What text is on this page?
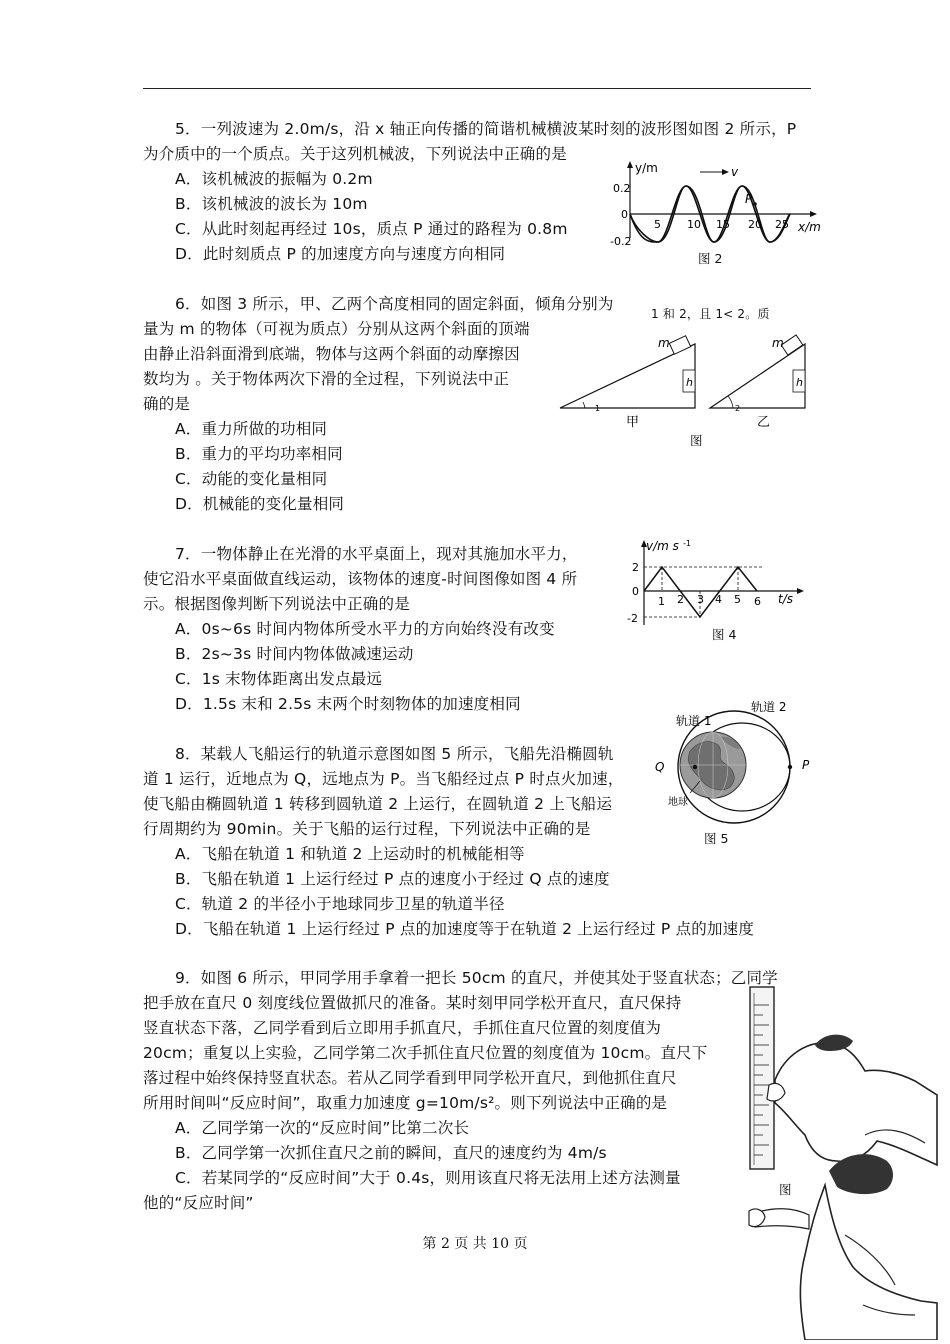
5．一列波速为 2.0m/s，沿 x 轴正向传播的简谐机械横波某时刻的波形图如图 2 所示，P
为介质中的一个质点。关于这列机械波，下列说法中正确的是
A．该机械波的振幅为 0.2m
B．该机械波的波长为 10m
C．从此时刻起再经过 10s，质点 P 通过的路程为 0.8m
D．此时刻质点 P 的加速度方向与速度方向相同
y/m
x/m
v
0.2
0
-0.2
5 10 15 20 25
P
图 2
6．如图 3 所示，甲、乙两个高度相同的固定斜面，倾角分别为
1 和 2，且 1< 2。质
量为 m 的物体（可视为质点）分别从这两个斜面的顶端
由静止沿斜面滑到底端，物体与这两个斜面的动摩擦因
数均为 。关于物体两次下滑的全过程，下列说法中正
确的是
A．重力所做的功相同
B．重力的平均功率相同
C．动能的变化量相同
D．机械能的变化量相同
m
h
1
甲
m
h
2
乙
图
7．一物体静止在光滑的水平桌面上，现对其施加水平力，
使它沿水平桌面做直线运动，该物体的速度-时间图像如图 4 所
示。根据图像判断下列说法中正确的是
A．0s~6s 时间内物体所受水平力的方向始终没有改变
B．2s~3s 时间内物体做减速运动
C．1s 末物体距离出发点最远
D．1.5s 末和 2.5s 末两个时刻物体的加速度相同
v/m s -1
t/s
2
0
-2
1 2 3 4 5 6
图 4
8．某载人飞船运行的轨道示意图如图 5 所示，飞船先沿椭圆轨
道 1 运行，近地点为 Q，远地点为 P。当飞船经过点 P 时点火加速，
使飞船由椭圆轨道 1 转移到圆轨道 2 上运行，在圆轨道 2 上飞船运
行周期约为 90min。关于飞船的运行过程，下列说法中正确的是
A．飞船在轨道 1 和轨道 2 上运动时的机械能相等
B．飞船在轨道 1 上运行经过 P 点的速度小于经过 Q 点的速度
C．轨道 2 的半径小于地球同步卫星的轨道半径
D．飞船在轨道 1 上运行经过 P 点的加速度等于在轨道 2 上运行经过 P 点的加速度
轨道 1
轨道 2
Q	P
地球
图 5
9．如图 6 所示，甲同学用手拿着一把长 50cm 的直尺，并使其处于竖直状态；乙同学
把手放在直尺 0 刻度线位置做抓尺的准备。某时刻甲同学松开直尺，直尺保持
竖直状态下落，乙同学看到后立即用手抓直尺，手抓住直尺位置的刻度值为
20cm；重复以上实验，乙同学第二次手抓住直尺位置的刻度值为 10cm。直尺下
落过程中始终保持竖直状态。若从乙同学看到甲同学松开直尺，到他抓住直尺
所用时间叫“反应时间”，取重力加速度 g=10m/s²。则下列说法中正确的是
A．乙同学第一次的“反应时间”比第二次长
B．乙同学第一次抓住直尺之前的瞬间，直尺的速度约为 4m/s
C．若某同学的“反应时间”大于 0.4s，则用该直尺将无法用上述方法测量
他的“反应时间”
图
第 2 页 共 10 页
